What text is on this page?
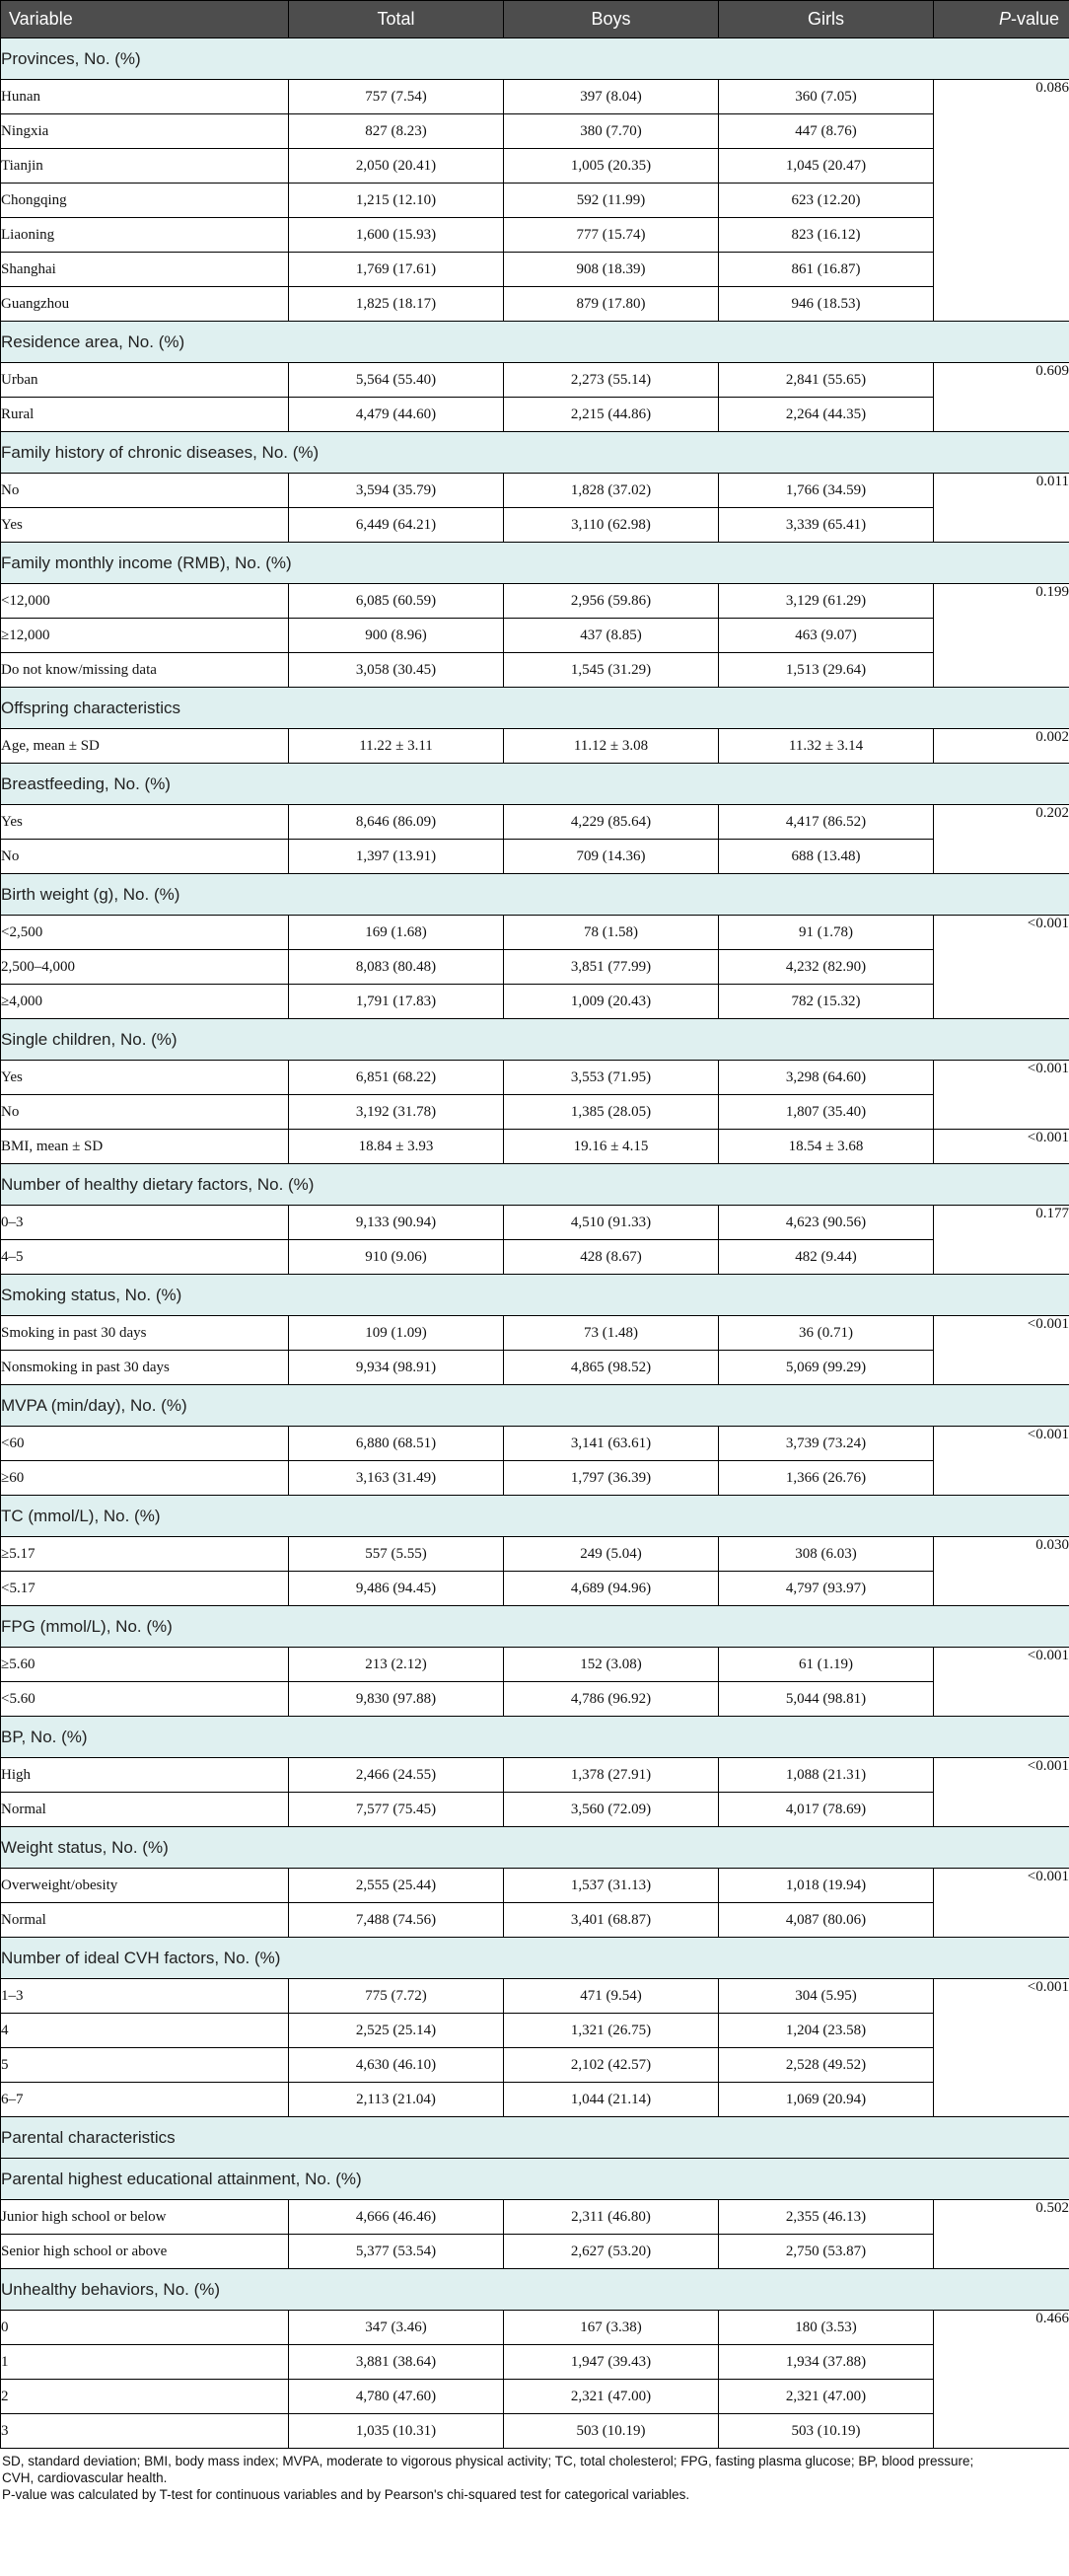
Variable	Total	Boys	Girls	P-value
Provinces, No. (%)				
Hunan	757 (7.54)	397 (8.04)	360 (7.05)	0.086
Ningxia	827 (8.23)	380 (7.70)	447 (8.76)	
Tianjin	2,050 (20.41)	1,005 (20.35)	1,045 (20.47)	
Chongqing	1,215 (12.10)	592 (11.99)	623 (12.20)	
Liaoning	1,600 (15.93)	777 (15.74)	823 (16.12)	
Shanghai	1,769 (17.61)	908 (18.39)	861 (16.87)	
Guangzhou	1,825 (18.17)	879 (17.80)	946 (18.53)	
Residence area, No. (%)				
Urban	5,564 (55.40)	2,273 (55.14)	2,841 (55.65)	0.609
Rural	4,479 (44.60)	2,215 (44.86)	2,264 (44.35)	
Family history of chronic diseases, No. (%)				
No	3,594 (35.79)	1,828 (37.02)	1,766 (34.59)	0.011
Yes	6,449 (64.21)	3,110 (62.98)	3,339 (65.41)	
Family monthly income (RMB), No. (%)				
<12,000	6,085 (60.59)	2,956 (59.86)	3,129 (61.29)	0.199
≥12,000	900 (8.96)	437 (8.85)	463 (9.07)	
Do not know/missing data	3,058 (30.45)	1,545 (31.29)	1,513 (29.64)	
Offspring characteristics				
Age, mean ± SD	11.22 ± 3.11	11.12 ± 3.08	11.32 ± 3.14	0.002
Breastfeeding, No. (%)				
Yes	8,646 (86.09)	4,229 (85.64)	4,417 (86.52)	0.202
No	1,397 (13.91)	709 (14.36)	688 (13.48)	
Birth weight (g), No. (%)				
<2,500	169 (1.68)	78 (1.58)	91 (1.78)	<0.001
2,500–4,000	8,083 (80.48)	3,851 (77.99)	4,232 (82.90)	
≥4,000	1,791 (17.83)	1,009 (20.43)	782 (15.32)	
Single children, No. (%)				
Yes	6,851 (68.22)	3,553 (71.95)	3,298 (64.60)	<0.001
No	3,192 (31.78)	1,385 (28.05)	1,807 (35.40)	
BMI, mean ± SD	18.84 ± 3.93	19.16 ± 4.15	18.54 ± 3.68	<0.001
Number of healthy dietary factors, No. (%)				
0–3	9,133 (90.94)	4,510 (91.33)	4,623 (90.56)	0.177
4–5	910 (9.06)	428 (8.67)	482 (9.44)	
Smoking status, No. (%)				
Smoking in past 30 days	109 (1.09)	73 (1.48)	36 (0.71)	<0.001
Nonsmoking in past 30 days	9,934 (98.91)	4,865 (98.52)	5,069 (99.29)	
MVPA (min/day), No. (%)				
<60	6,880 (68.51)	3,141 (63.61)	3,739 (73.24)	<0.001
≥60	3,163 (31.49)	1,797 (36.39)	1,366 (26.76)	
TC (mmol/L), No. (%)				
≥5.17	557 (5.55)	249 (5.04)	308 (6.03)	0.030
<5.17	9,486 (94.45)	4,689 (94.96)	4,797 (93.97)	
FPG (mmol/L), No. (%)				
≥5.60	213 (2.12)	152 (3.08)	61 (1.19)	<0.001
<5.60	9,830 (97.88)	4,786 (96.92)	5,044 (98.81)	
BP, No. (%)				
High	2,466 (24.55)	1,378 (27.91)	1,088 (21.31)	<0.001
Normal	7,577 (75.45)	3,560 (72.09)	4,017 (78.69)	
Weight status, No. (%)				
Overweight/obesity	2,555 (25.44)	1,537 (31.13)	1,018 (19.94)	<0.001
Normal	7,488 (74.56)	3,401 (68.87)	4,087 (80.06)	
Number of ideal CVH factors, No. (%)				
1–3	775 (7.72)	471 (9.54)	304 (5.95)	<0.001
4	2,525 (25.14)	1,321 (26.75)	1,204 (23.58)	
5	4,630 (46.10)	2,102 (42.57)	2,528 (49.52)	
6–7	2,113 (21.04)	1,044 (21.14)	1,069 (20.94)	
Parental characteristics				
Parental highest educational attainment, No. (%)				
Junior high school or below	4,666 (46.46)	2,311 (46.80)	2,355 (46.13)	0.502
Senior high school or above	5,377 (53.54)	2,627 (53.20)	2,750 (53.87)	
Unhealthy behaviors, No. (%)				
0	347 (3.46)	167 (3.38)	180 (3.53)	0.466
1	3,881 (38.64)	1,947 (39.43)	1,934 (37.88)	
2	4,780 (47.60)	2,321 (47.00)	2,321 (47.00)	
3	1,035 (10.31)	503 (10.19)	503 (10.19)	
SD, standard deviation; BMI, body mass index; MVPA, moderate to vigorous physical activity; TC, total cholesterol; FPG, fasting plasma glucose; BP, blood pressure;
CVH, cardiovascular health.
P-value was calculated by T-test for continuous variables and by Pearson's chi-squared test for categorical variables.
